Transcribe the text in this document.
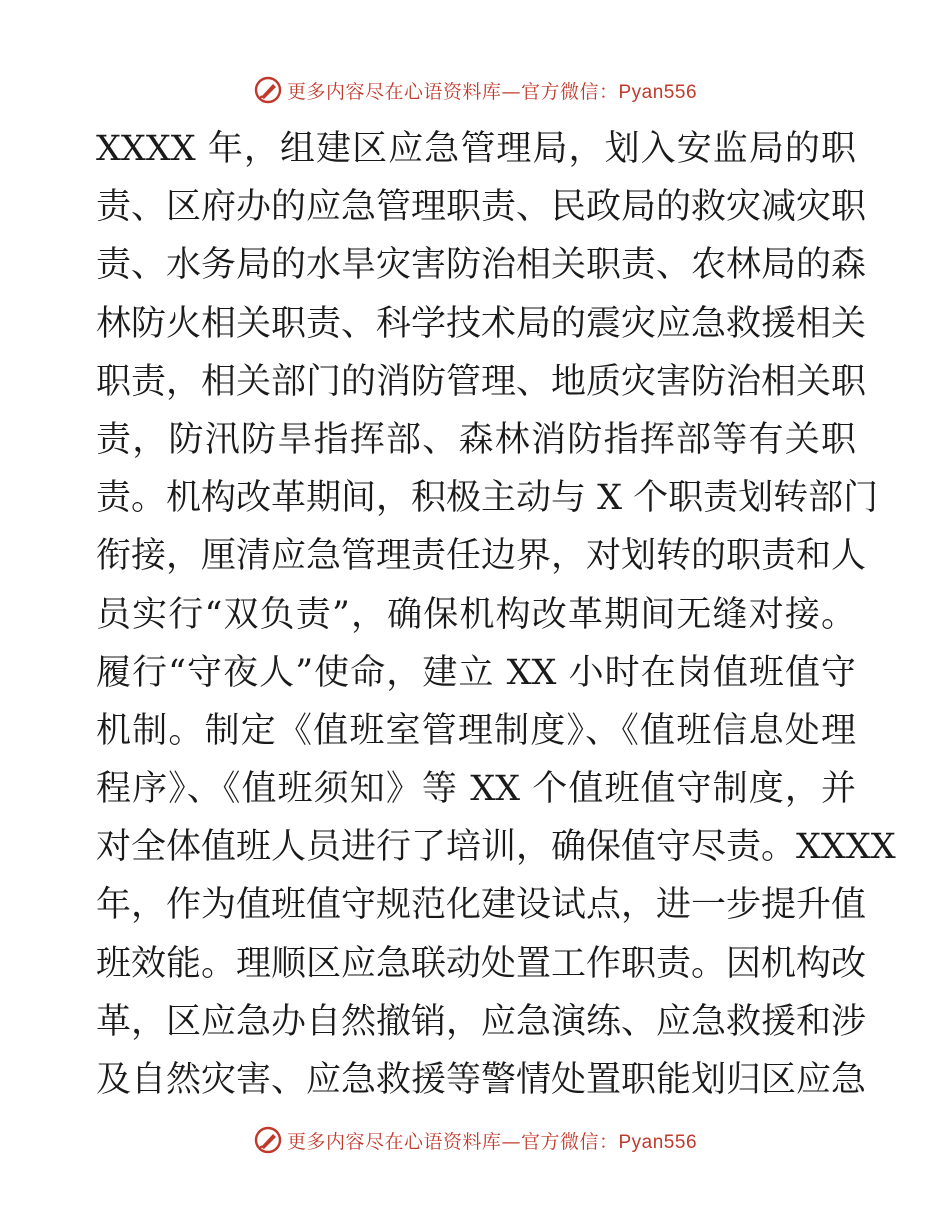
更多内容尽在心语资料库—官方微信：Pyan556
XXXX 年，组建区应急管理局，划入安监局的职
责、区府办的应急管理职责、民政局的救灾减灾职
责、水务局的水旱灾害防治相关职责、农林局的森
林防火相关职责、科学技术局的震灾应急救援相关
职责，相关部门的消防管理、地质灾害防治相关职
责，防汛防旱指挥部、森林消防指挥部等有关职
责。机构改革期间，积极主动与 X 个职责划转部门
衔接，厘清应急管理责任边界，对划转的职责和人
员实行“双负责”，确保机构改革期间无缝对接。
履行“守夜人”使命，建立 XX 小时在岗值班值守
机制。制定《值班室管理制度》、《值班信息处理
程序》、《值班须知》等 XX 个值班值守制度，并
对全体值班人员进行了培训，确保值守尽责。XXXX
年，作为值班值守规范化建设试点，进一步提升值
班效能。理顺区应急联动处置工作职责。因机构改
革，区应急办自然撤销，应急演练、应急救援和涉
及自然灾害、应急救援等警情处置职能划归区应急
更多内容尽在心语资料库—官方微信：Pyan556
